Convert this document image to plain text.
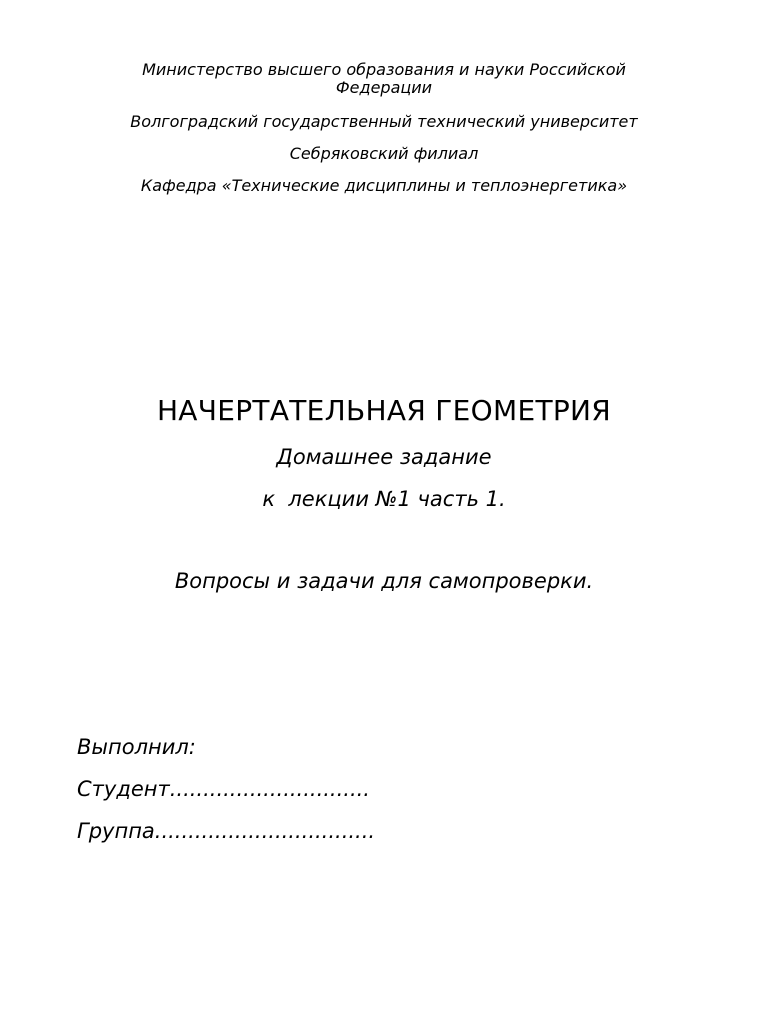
Министерство высшего образования и науки Российской Федерации
Волгоградский государственный технический университет
Себряковский филиал
Кафедра «Технические дисциплины и теплоэнергетика»
НАЧЕРТАТЕЛЬНАЯ ГЕОМЕТРИЯ
Домашнее задание
к  лекции №1 часть 1.
Вопросы и задачи для самопроверки.
Выполнил:
Студент..............................
Группа.................................
